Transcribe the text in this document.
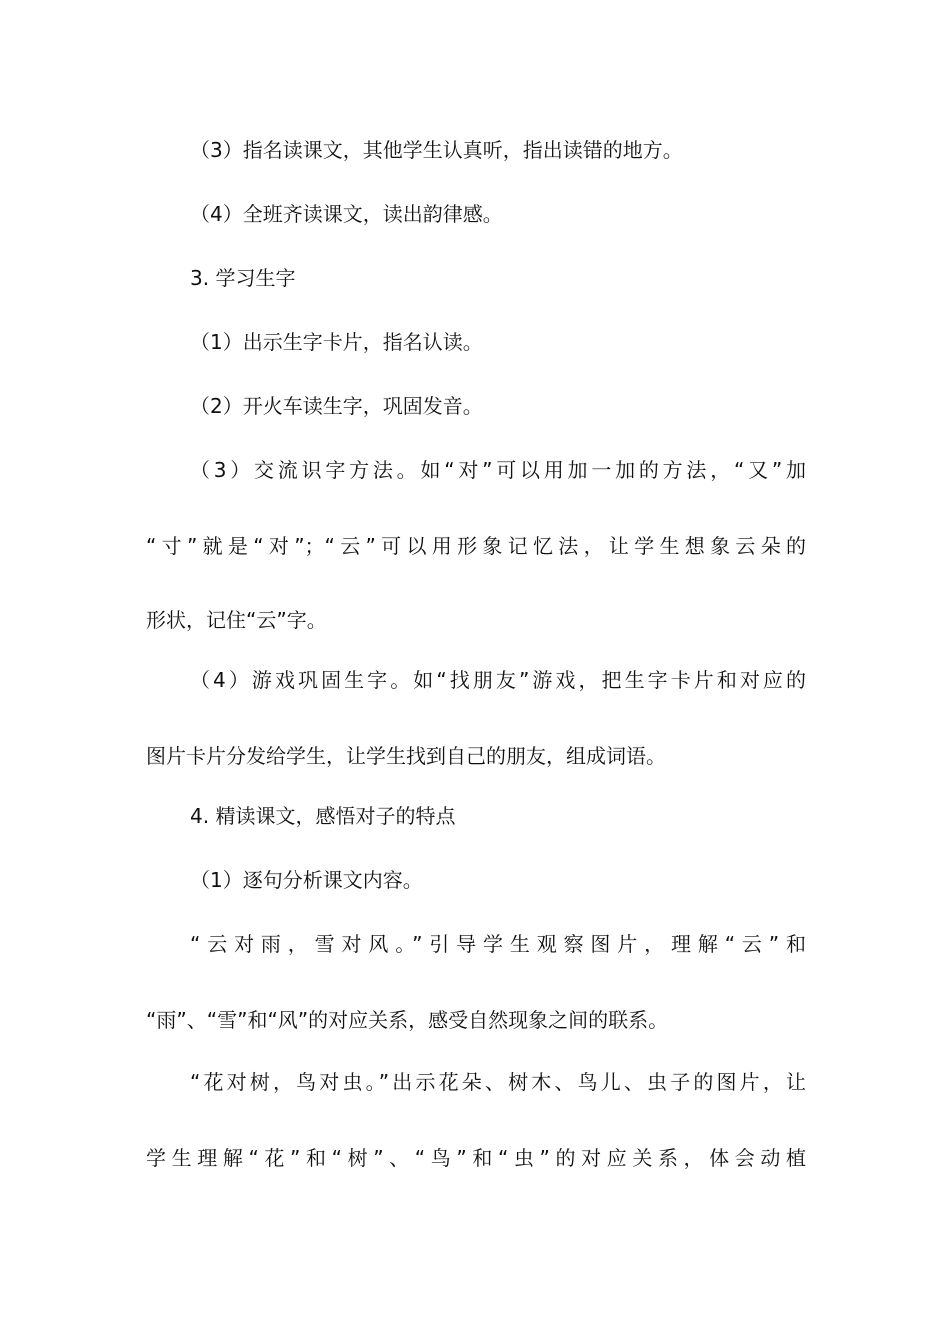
（3）指名读课文，其他学生认真听，指出读错的地方。
（4）全班齐读课文，读出韵律感。
3. 学习生字
（1）出示生字卡片，指名认读。
（2）开火车读生字，巩固发音。
（3）交流识字方法。如“对”可以用加一加的方法，“又”加
“寸”就是“对”；“云”可以用形象记忆法，让学生想象云朵的
形状，记住“云”字。
（4）游戏巩固生字。如“找朋友”游戏，把生字卡片和对应的
图片卡片分发给学生，让学生找到自己的朋友，组成词语。
4. 精读课文，感悟对子的特点
（1）逐句分析课文内容。
“云对雨，雪对风。”引导学生观察图片，理解“云”和
“雨”、“雪”和“风”的对应关系，感受自然现象之间的联系。
“花对树，鸟对虫。”出示花朵、树木、鸟儿、虫子的图片，让
学生理解“花”和“树”、“鸟”和“虫”的对应关系，体会动植
